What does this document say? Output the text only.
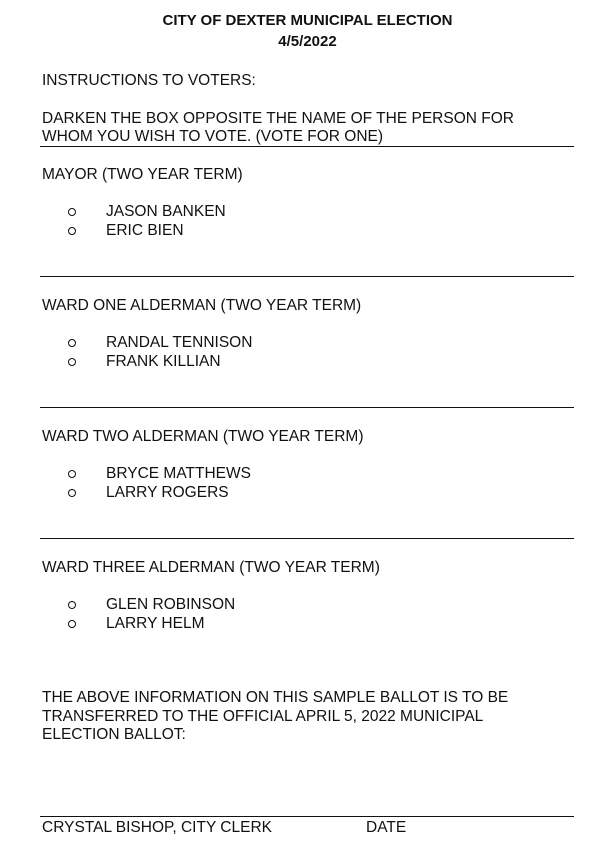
CITY OF DEXTER MUNICIPAL ELECTION
4/5/2022
INSTRUCTIONS TO VOTERS:
DARKEN THE BOX OPPOSITE THE NAME OF THE PERSON FOR
WHOM YOU WISH TO VOTE. (VOTE FOR ONE)
MAYOR (TWO YEAR TERM)
JASON BANKEN
ERIC BIEN
WARD ONE ALDERMAN (TWO YEAR TERM)
RANDAL TENNISON
FRANK KILLIAN
WARD TWO ALDERMAN (TWO YEAR TERM)
BRYCE MATTHEWS
LARRY ROGERS
WARD THREE ALDERMAN (TWO YEAR TERM)
GLEN ROBINSON
LARRY HELM
THE ABOVE INFORMATION ON THIS SAMPLE BALLOT IS TO BE
TRANSFERRED TO THE OFFICIAL APRIL 5, 2022 MUNICIPAL
ELECTION BALLOT:
CRYSTAL BISHOP, CITY CLERK	DATE
